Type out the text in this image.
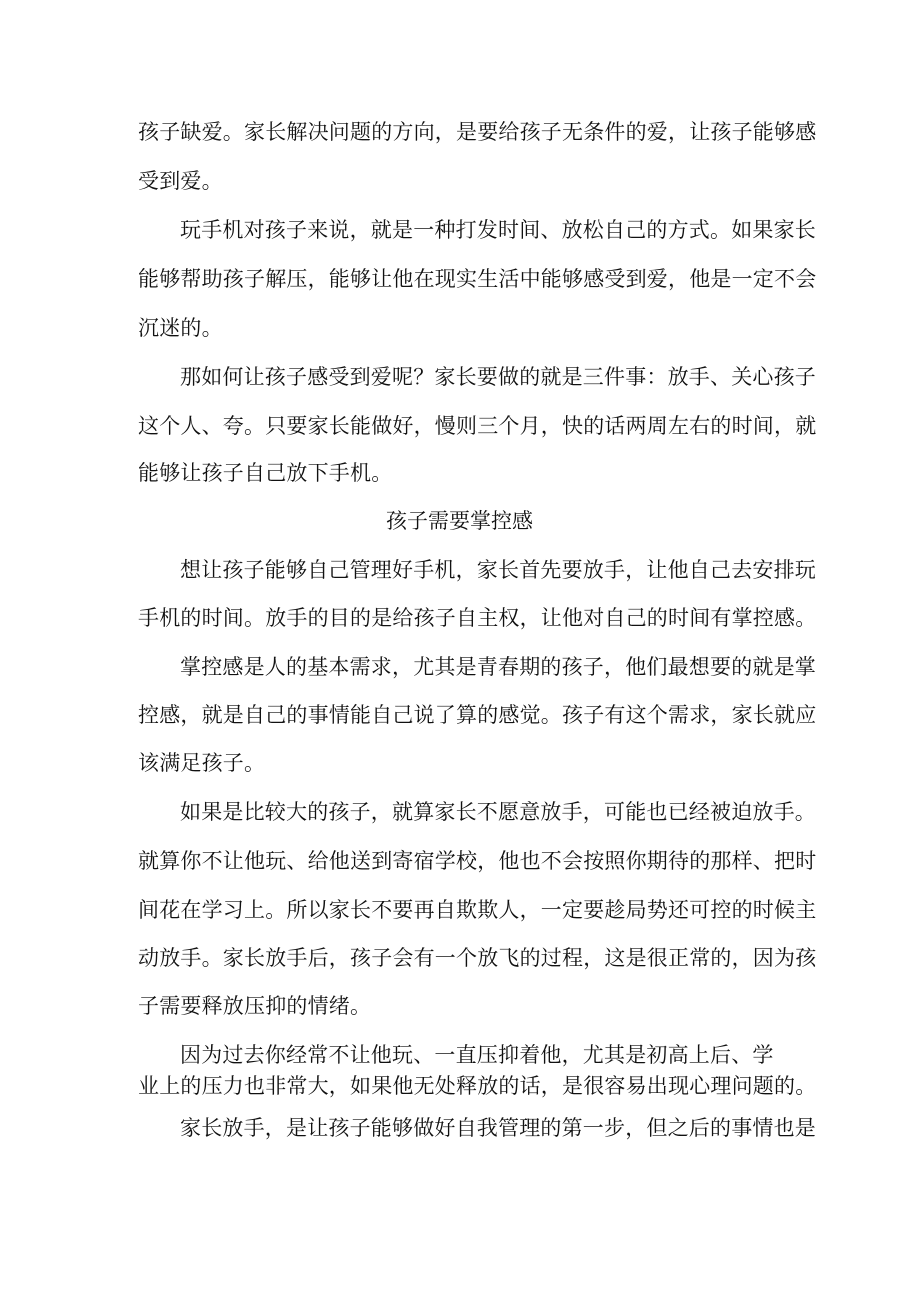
孩子缺爱。家长解决问题的方向，是要给孩子无条件的爱，让孩子能够感
受到爱。
玩手机对孩子来说，就是一种打发时间、放松自己的方式。如果家长
能够帮助孩子解压，能够让他在现实生活中能够感受到爱，他是一定不会
沉迷的。
那如何让孩子感受到爱呢？家长要做的就是三件事：放手、关心孩子
这个人、夸。只要家长能做好，慢则三个月，快的话两周左右的时间，就
能够让孩子自己放下手机。
孩子需要掌控感
想让孩子能够自己管理好手机，家长首先要放手，让他自己去安排玩
手机的时间。放手的目的是给孩子自主权，让他对自己的时间有掌控感。
掌控感是人的基本需求，尤其是青春期的孩子，他们最想要的就是掌
控感，就是自己的事情能自己说了算的感觉。孩子有这个需求，家长就应
该满足孩子。
如果是比较大的孩子，就算家长不愿意放手，可能也已经被迫放手。
就算你不让他玩、给他送到寄宿学校，他也不会按照你期待的那样、把时
间花在学习上。所以家长不要再自欺欺人，一定要趁局势还可控的时候主
动放手。家长放手后，孩子会有一个放飞的过程，这是很正常的，因为孩
子需要释放压抑的情绪。
因为过去你经常不让他玩、一直压抑着他，尤其是初高上后、学
业上的压力也非常大，如果他无处释放的话，是很容易出现心理问题的。
家长放手，是让孩子能够做好自我管理的第一步，但之后的事情也是
